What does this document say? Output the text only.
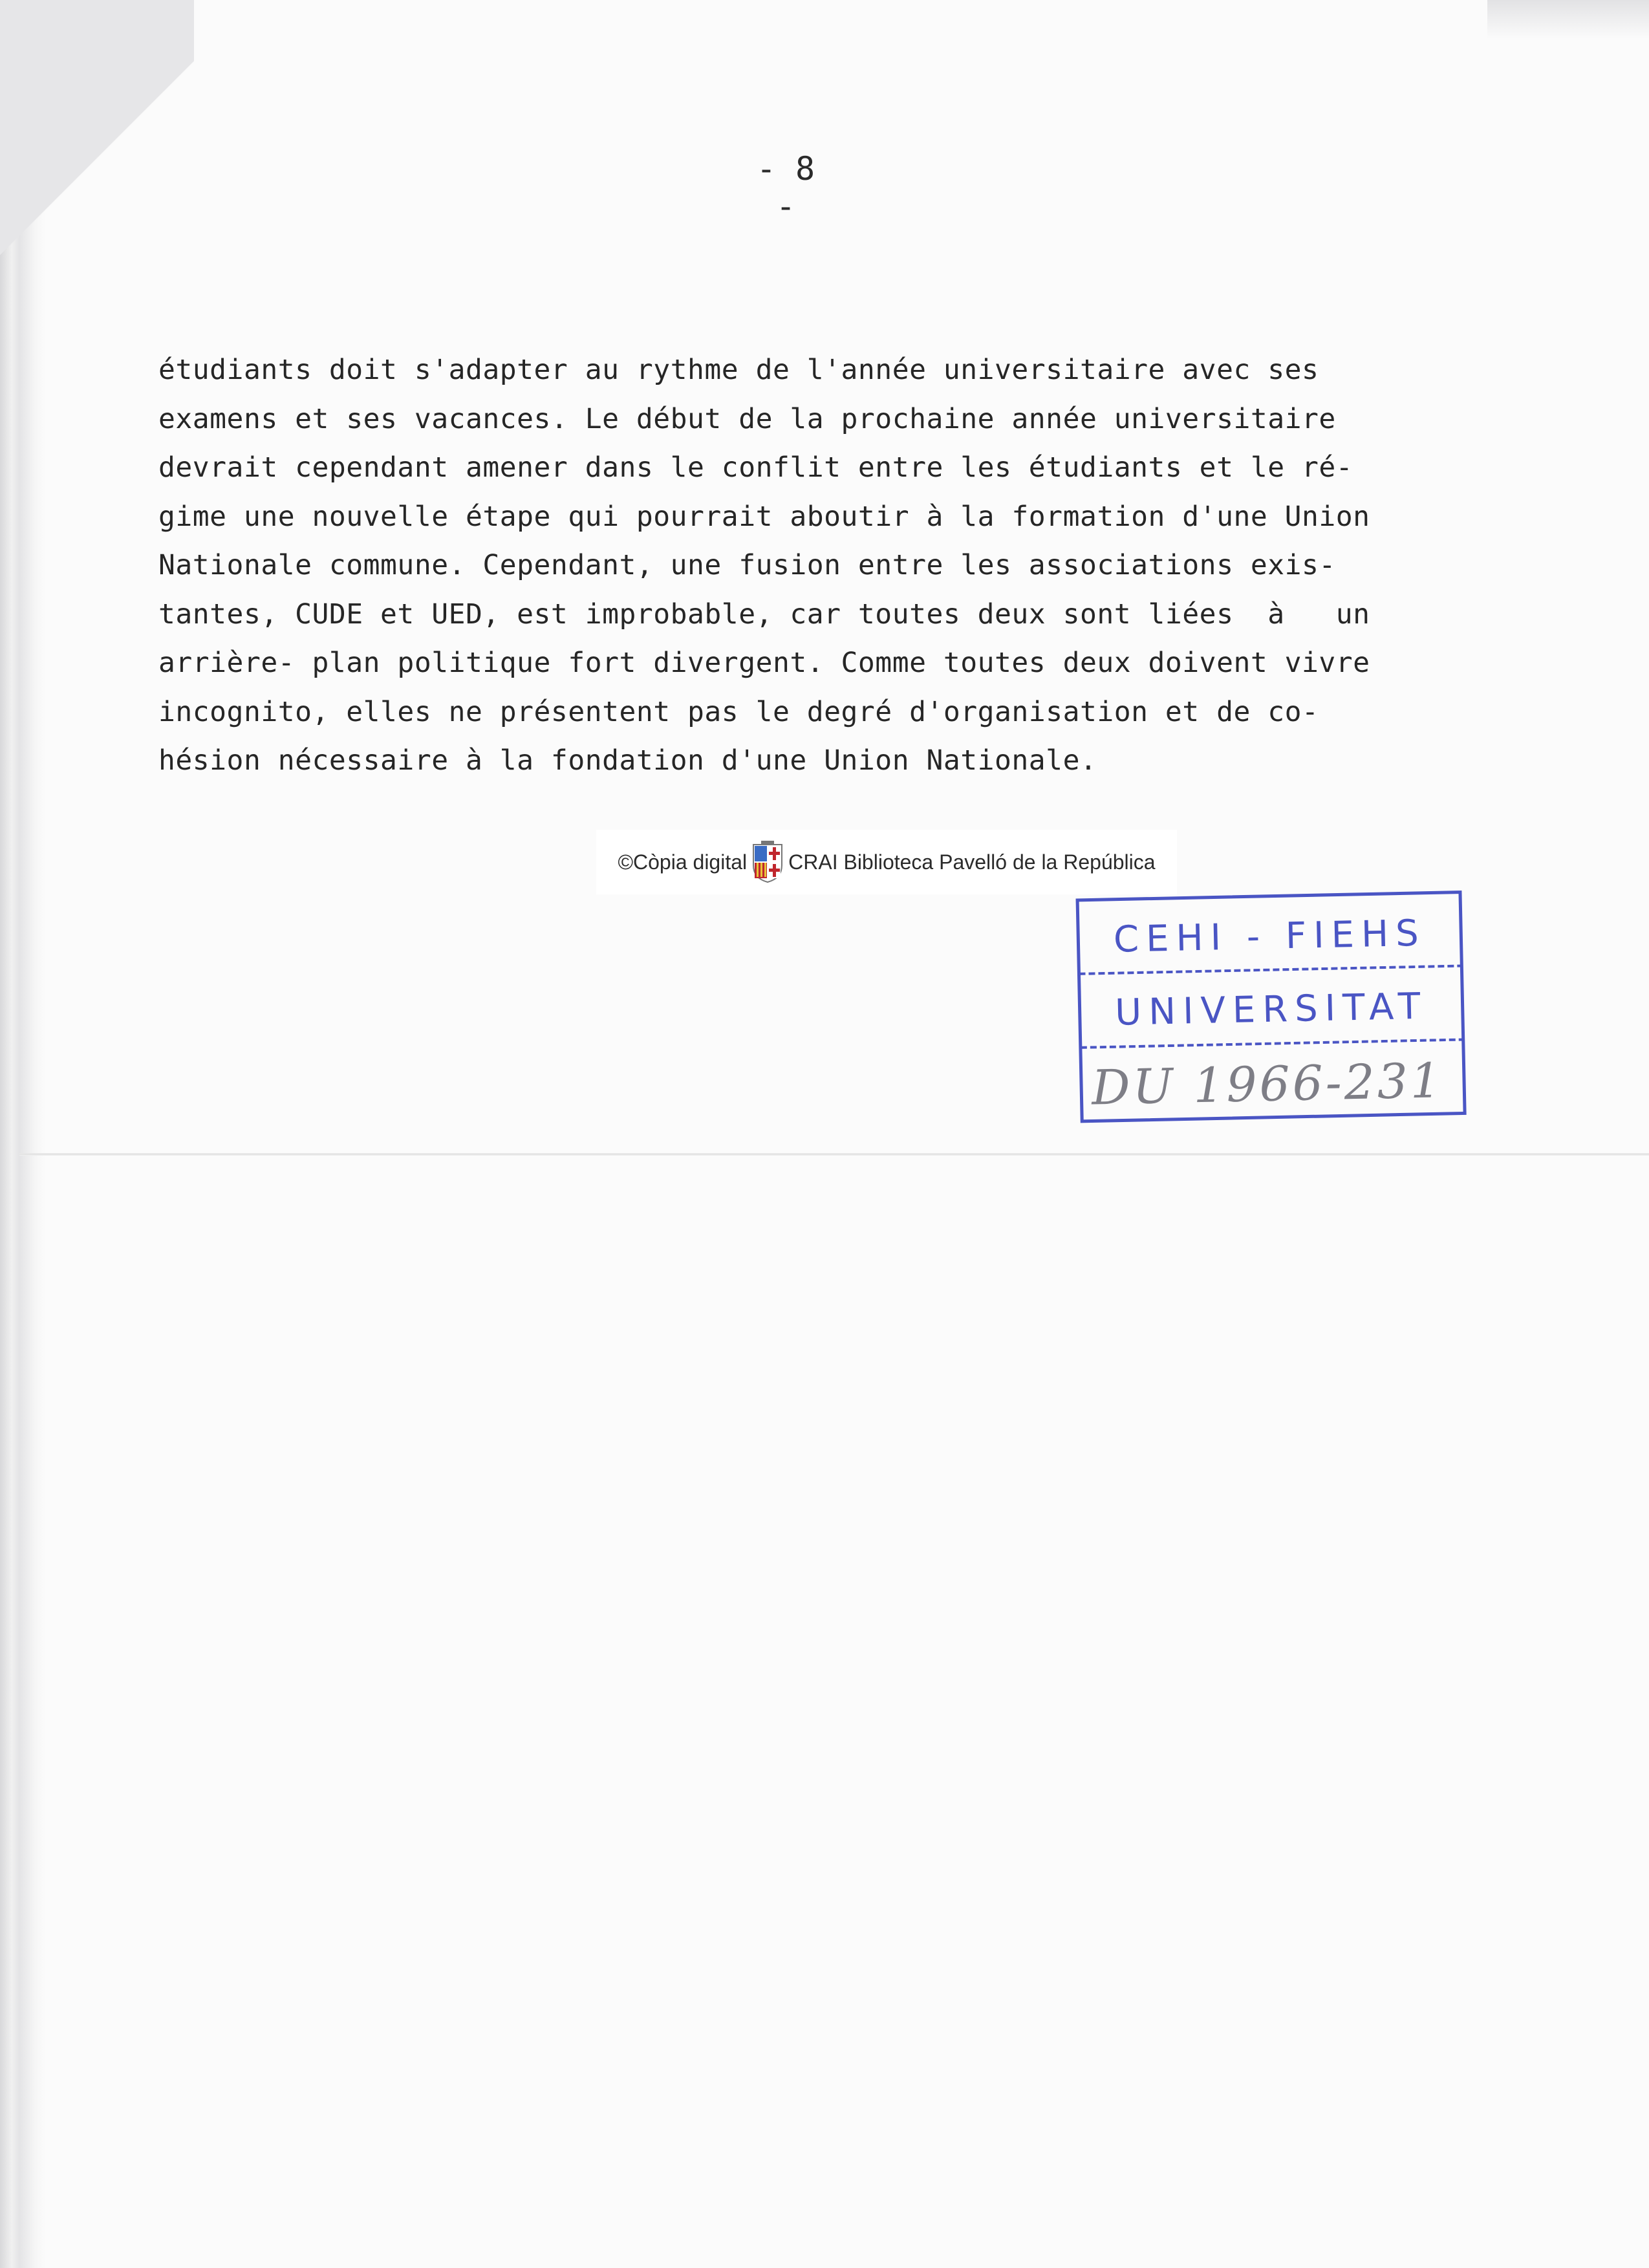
- 8 -
étudiants doit s'adapter au rythme de l'année universitaire avec ses
examens et ses vacances. Le début de la prochaine année universitaire
devrait cependant amener dans le conflit entre les étudiants et le ré-
gime une nouvelle étape qui pourrait aboutir à la formation d'une Union
Nationale commune. Cependant, une fusion entre les associations exis-
tantes, CUDE et UED, est improbable, car toutes deux sont liées  à   un
arrière- plan politique fort divergent. Comme toutes deux doivent vivre
incognito, elles ne présentent pas le degré d'organisation et de co-
hésion nécessaire à la fondation d'une Union Nationale.
©Còpia digital CRAI Biblioteca Pavelló de la República
CEHI - FIEHS
UNIVERSITAT
DU 1966-231
